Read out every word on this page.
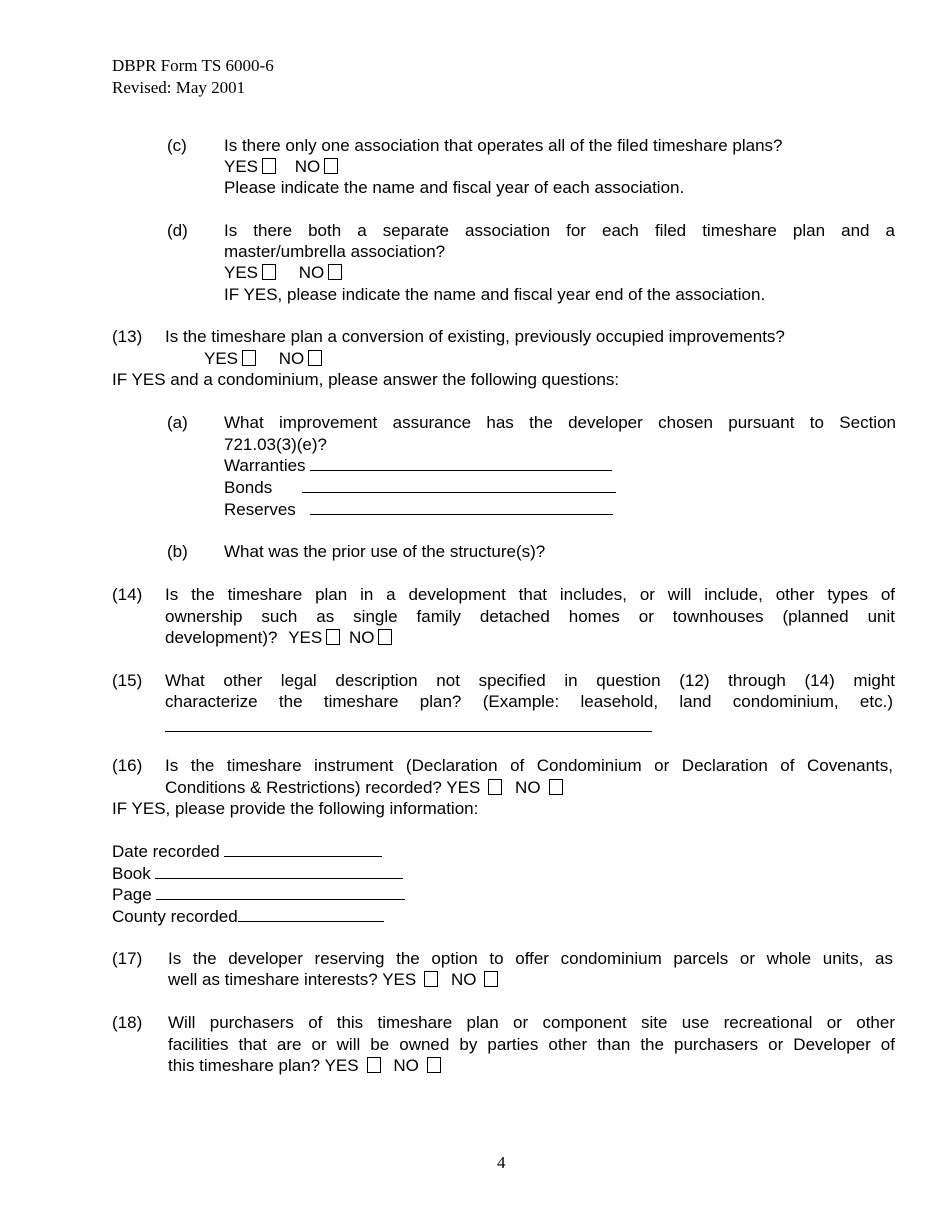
DBPR Form TS 6000-6
Revised: May 2001
(c) Is there only one association that operates all of the filed timeshare plans?
YES NO
Please indicate the name and fiscal year of each association.
(d) Is there both a separate association for each filed timeshare plan and a
master/umbrella association?
YES NO
IF YES, please indicate the name and fiscal year end of the association.
(13) Is the timeshare plan a conversion of existing, previously occupied improvements?
YES NO
IF YES and a condominium, please answer the following questions:
(a) What improvement assurance has the developer chosen pursuant to Section
721.03(3)(e)?
Warranties
Bonds
Reserves
(b) What was the prior use of the structure(s)?
(14) Is the timeshare plan in a development that includes, or will include, other types of
ownership such as single family detached homes or townhouses (planned unit
development)? YES NO
(15) What other legal description not specified in question (12) through (14) might
characterize the timeshare plan? (Example: leasehold, land condominium, etc.)
(16) Is the timeshare instrument (Declaration of Condominium or Declaration of Covenants,
Conditions & Restrictions) recorded? YES NO
IF YES, please provide the following information:
Date recorded
Book
Page
County recorded
(17) Is the developer reserving the option to offer condominium parcels or whole units, as
well as timeshare interests? YES NO
(18) Will purchasers of this timeshare plan or component site use recreational or other
facilities that are or will be owned by parties other than the purchasers or Developer of
this timeshare plan? YES NO
4
